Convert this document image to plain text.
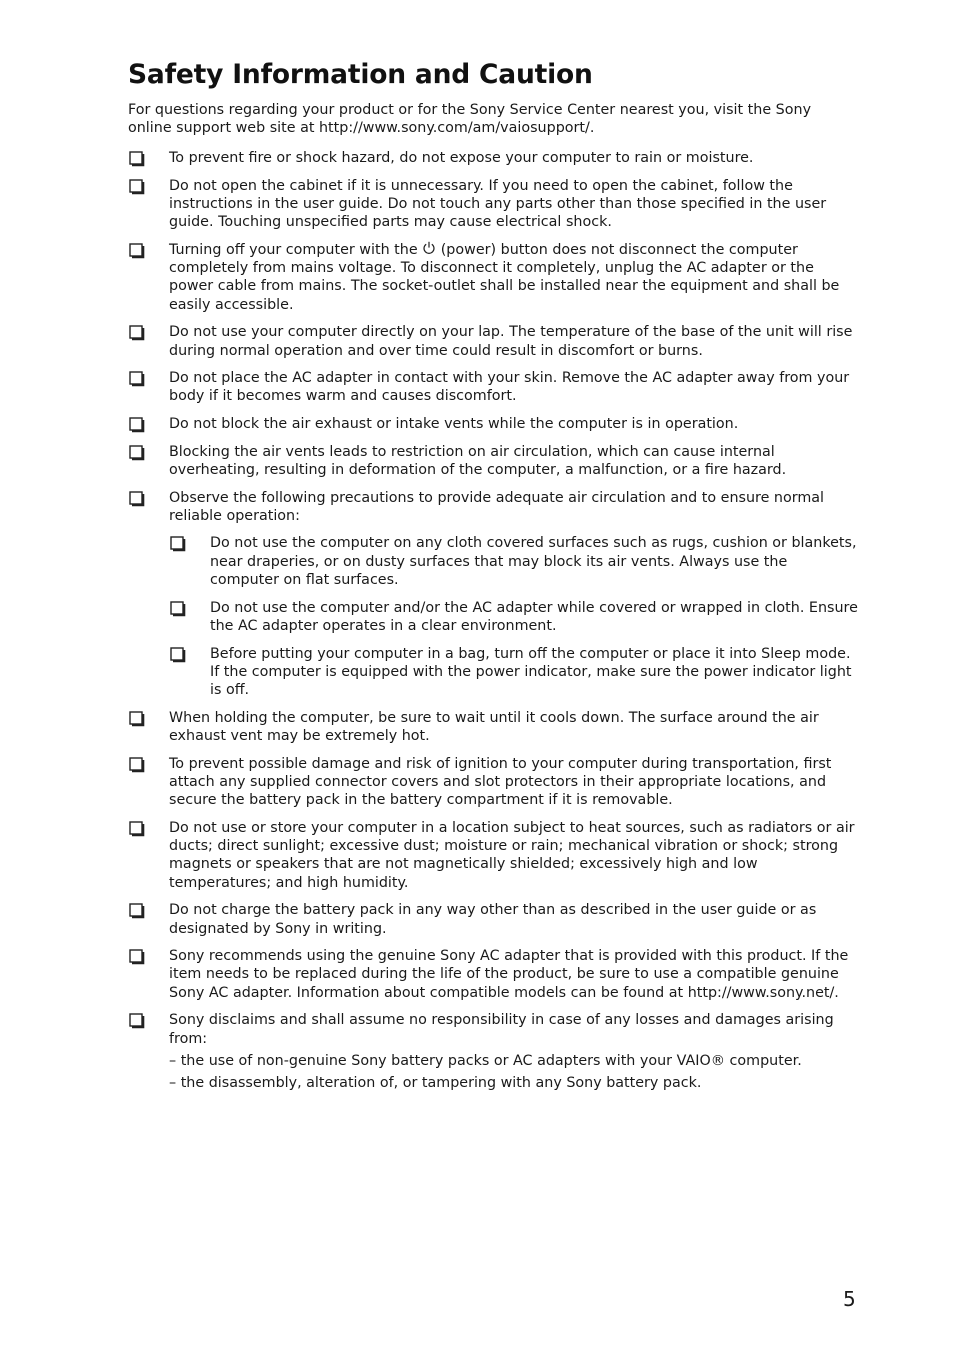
Safety Information and Caution

For questions regarding your product or for the Sony Service Center nearest you, visit the Sony online support web site at http://www.sony.com/am/vaiosupport/.

To prevent fire or shock hazard, do not expose your computer to rain or moisture.
Do not open the cabinet if it is unnecessary. If you need to open the cabinet, follow the instructions in the user guide. Do not touch any parts other than those specified in the user guide. Touching unspecified parts may cause electrical shock.
Turning off your computer with the (power) button does not disconnect the computer completely from mains voltage. To disconnect it completely, unplug the AC adapter or the power cable from mains. The socket-outlet shall be installed near the equipment and shall be easily accessible.
Do not use your computer directly on your lap. The temperature of the base of the unit will rise during normal operation and over time could result in discomfort or burns.
Do not place the AC adapter in contact with your skin. Remove the AC adapter away from your body if it becomes warm and causes discomfort.
Do not block the air exhaust or intake vents while the computer is in operation.
Blocking the air vents leads to restriction on air circulation, which can cause internal overheating, resulting in deformation of the computer, a malfunction, or a fire hazard.
Observe the following precautions to provide adequate air circulation and to ensure normal reliable operation:
Do not use the computer on any cloth covered surfaces such as rugs, cushion or blankets, near draperies, or on dusty surfaces that may block its air vents. Always use the computer on flat surfaces.
Do not use the computer and/or the AC adapter while covered or wrapped in cloth. Ensure the AC adapter operates in a clear environment.
Before putting your computer in a bag, turn off the computer or place it into Sleep mode. If the computer is equipped with the power indicator, make sure the power indicator light is off.
When holding the computer, be sure to wait until it cools down. The surface around the air exhaust vent may be extremely hot.
To prevent possible damage and risk of ignition to your computer during transportation, first attach any supplied connector covers and slot protectors in their appropriate locations, and secure the battery pack in the battery compartment if it is removable.
Do not use or store your computer in a location subject to heat sources, such as radiators or air ducts; direct sunlight; excessive dust; moisture or rain; mechanical vibration or shock; strong magnets or speakers that are not magnetically shielded; excessively high and low temperatures; and high humidity.
Do not charge the battery pack in any way other than as described in the user guide or as designated by Sony in writing.
Sony recommends using the genuine Sony AC adapter that is provided with this product. If the item needs to be replaced during the life of the product, be sure to use a compatible genuine Sony AC adapter. Information about compatible models can be found at http://www.sony.net/.
Sony disclaims and shall assume no responsibility in case of any losses and damages arising from:
– the use of non-genuine Sony battery packs or AC adapters with your VAIO® computer.
– the disassembly, alteration of, or tampering with any Sony battery pack.
5
